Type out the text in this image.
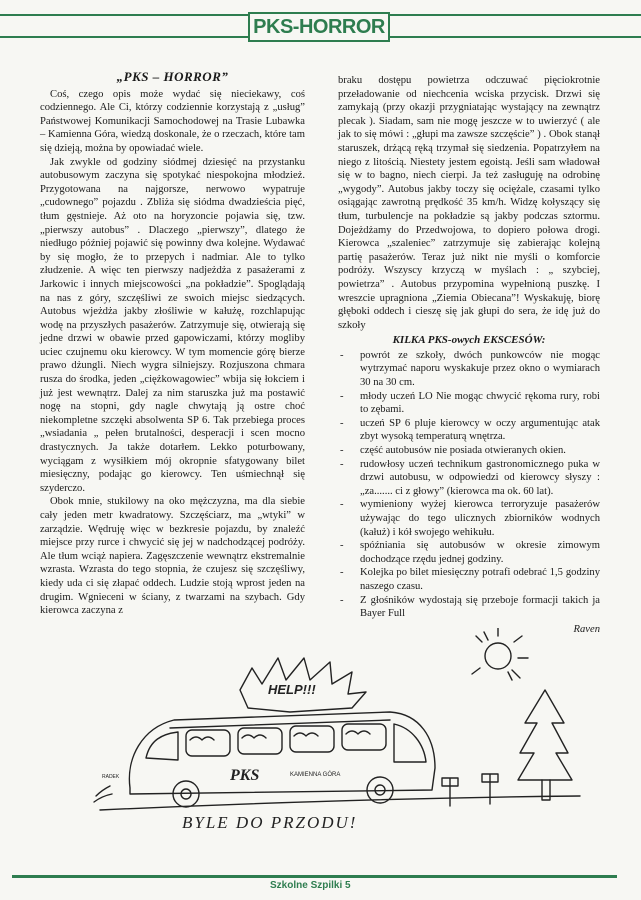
PKS-HORROR
„PKS – HORROR”

Coś, czego opis może wydać się nieciekawy, coś codziennego. Ale Ci, którzy codziennie korzystają z „usług” Państwowej Komunikacji Samochodowej na Trasie Lubawka – Kamienna Góra, wiedzą doskonale, że o rzeczach, które tam się dzieją, można by opowiadać wiele.

Jak zwykle od godziny siódmej dziesięć na przystanku autobusowym zaczyna się spotykać niespokojna młodzież. Przygotowana na najgorsze, nerwowo wypatruje „cudownego” pojazdu . Zbliża się siódma dwadzieścia pięć, tłum gęstnieje. Aż oto na horyzoncie pojawia się, tzw. „pierwszy autobus” . Dlaczego „pierwszy”, dlatego że niedługo później pojawić się powinny dwa kolejne. Wydawać by się mogło, że to przepych i nadmiar. Ale to tylko złudzenie. A więc ten pierwszy nadjeżdża z pasażerami z Jarkowic i innych miejscowości „na pokładzie”. Spoglądają na nas z góry, szczęśliwi ze swoich miejsc siedzących. Autobus wjeżdża jakby złośliwie w kałużę, rozchlapując wodę na przyszłych pasażerów. Zatrzymuje się, otwierają się jedne drzwi w obawie przed gapowiczami, którzy mogliby uciec czujnemu oku kierowcy. W tym momencie górę bierze prawo dżungli. Niech wygra silniejszy. Rozjuszona chmara rusza do środka, jeden „ciężkowagowiec” wbija się łokciem i już jest wewnątrz. Dalej za nim staruszka już ma postawić nogę na stopni, gdy nagle chwytają ją ostre choć niekompletne szczęki absolwenta SP 6. Tak przebiega proces „wsiadania „ pełen brutalności, desperacji i scen mocno drastycznych. Ja także dotarłem. Lekko poturbowany, wyciągam z wysiłkiem mój okropnie sfatygowany bilet miesięczny, podając go kierowcy. Ten uśmiechnął się szyderczo.

Obok mnie, stukilowy na oko mężczyzna, ma dla siebie cały jeden metr kwadratowy. Szczęściarz, ma „wtyki” w zarządzie. Wędruję więc w bezkresie pojazdu, by znaleźć miejsce przy rurce i chwycić się jej w nadchodzącej podróży. Ale tłum wciąż napiera. Zagęszczenie wewnątrz ekstremalnie wzrasta. Wzrasta do tego stopnia, że czujesz się szczęśliwy, kiedy uda ci się złapać oddech. Ludzie stoją wprost jeden na drugim. Wgnieceni w ściany, z twarzami na szybach. Gdy kierowca zaczyna z

braku dostępu powietrza odczuwać pięciokrotnie przeładowanie od niechcenia wciska przycisk. Drzwi się zamykają (przy okazji przygniatając wystający na zewnątrz plecak ). Siadam, sam nie mogę jeszcze w to uwierzyć ( ale jak to się mówi : „głupi ma zawsze szczęście” ) . Obok stanął staruszek, drżącą ręką trzymał się siedzenia. Popatrzyłem na niego z litością. Niestety jestem egoistą. Jeśli sam władował się w to bagno, niech cierpi. Ja też zasługuję na odrobinę „wygody”. Autobus jakby toczy się ociężale, czasami tylko osiągając zawrotną prędkość 35 km/h. Widzę kołyszący się tłum, turbulencje na pokładzie są jakby podczas sztormu. Dojeżdżamy do Przedwojowa, to dopiero połowa drogi. Kierowca „szaleniec” zatrzymuje się zabierając kolejną partię pasażerów. Teraz już nikt nie myśli o komforcie podróży. Wszyscy krzyczą w myślach : „ szybciej, powietrza” . Autobus przypomina wypełnioną puszkę. I wreszcie upragniona „Ziemia Obiecana”! Wyskakuję, biorę głęboki oddech i cieszę się jak głupi do sera, że idę już do szkoły

KILKA PKS-owych EKSCESÓW:
- powrót ze szkoły, dwóch punkowców nie mogąc wytrzymać naporu wyskakuje przez okno o wymiarach 30 na 30 cm.
- młody uczeń LO Nie mogąc chwycić rękoma rury, robi to zębami.
- uczeń SP 6 pluje kierowcy w oczy argumentując atak zbyt wysoką temperaturą wnętrza.
- część autobusów nie posiada otwieranych okien.
- rudowłosy uczeń technikum gastronomicznego puka w drzwi autobusu, w odpowiedzi od kierowcy słyszy : „za....... ci z głowy” (kierowca ma ok. 60 lat).
- wymieniony wyżej kierowca terroryzuje pasażerów używając do tego ulicznych zbiorników wodnych (kałuż) i kół swojego wehikułu.
- spóźniania się autobusów w okresie zimowym dochodzące rzędu jednej godziny.
- Kolejka po bilet miesięczny potrafi odebrać 1,5 godziny naszego czasu.
- Z głośników wydostają się przeboje formacji takich ja Bayer Full
Raven
HELP!!!
PKS	KAMIENNA GÓRA
RADEK
BYLE DO PRZODU!
Szkolne Szpilki 5
